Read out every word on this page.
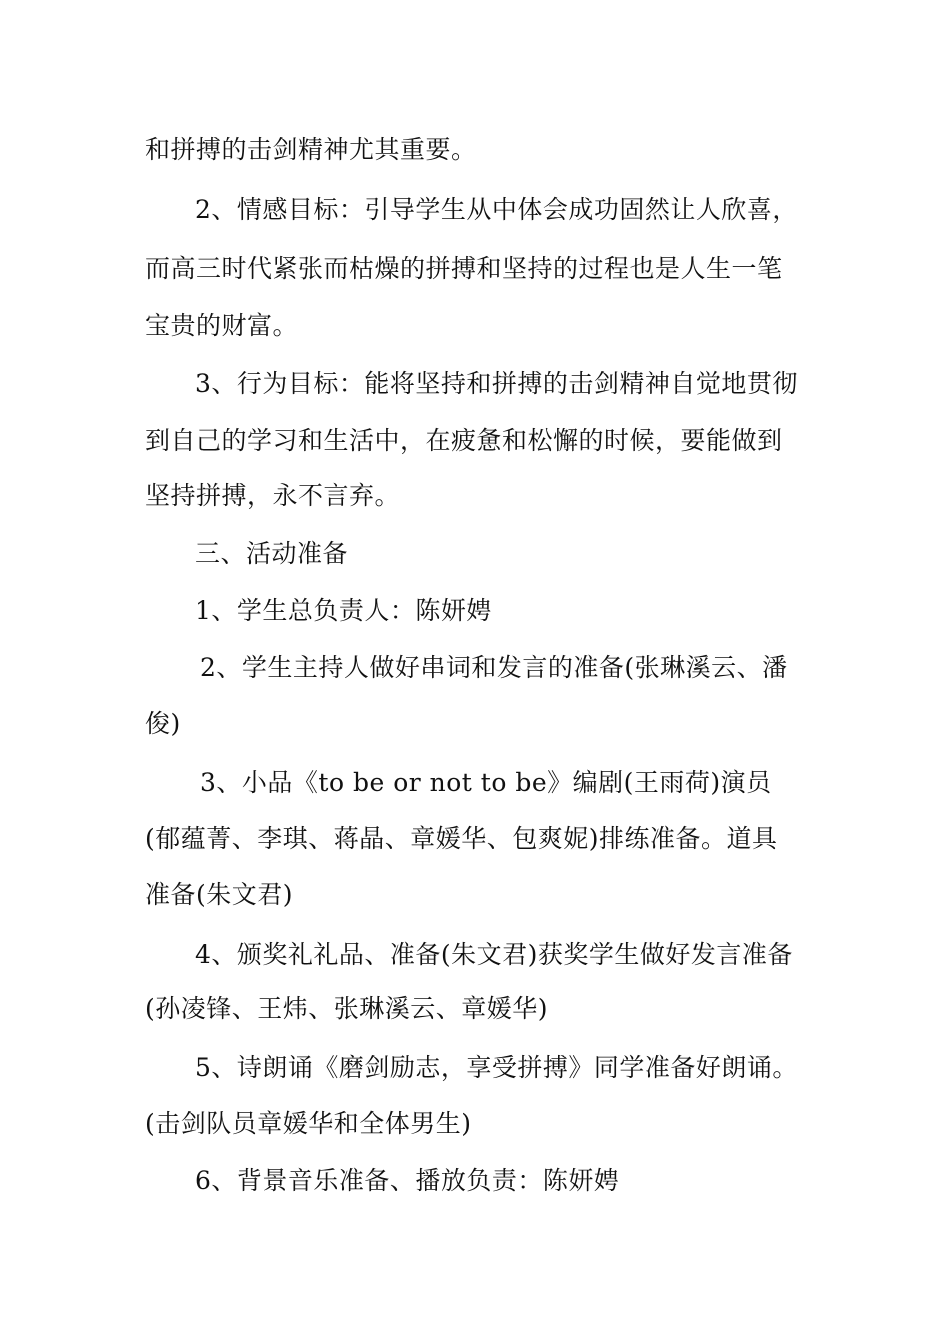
和拼搏的击剑精神尤其重要。
2、情感目标：引导学生从中体会成功固然让人欣喜，
而高三时代紧张而枯燥的拼搏和坚持的过程也是人生一笔
宝贵的财富。
3、行为目标：能将坚持和拼搏的击剑精神自觉地贯彻
到自己的学习和生活中，在疲惫和松懈的时候，要能做到
坚持拼搏，永不言弃。
三、活动准备
1、学生总负责人：陈妍娉
2、学生主持人做好串词和发言的准备(张琳溪云、潘
俊)
3、小品《to be or not to be》编剧(王雨荷)演员
(郁蕴菁、李琪、蒋晶、章媛华、包爽妮)排练准备。道具
准备(朱文君)
4、颁奖礼礼品、准备(朱文君)获奖学生做好发言准备
(孙凌锋、王炜、张琳溪云、章媛华)
5、诗朗诵《磨剑励志，享受拼搏》同学准备好朗诵。
(击剑队员章媛华和全体男生)
6、背景音乐准备、播放负责：陈妍娉
